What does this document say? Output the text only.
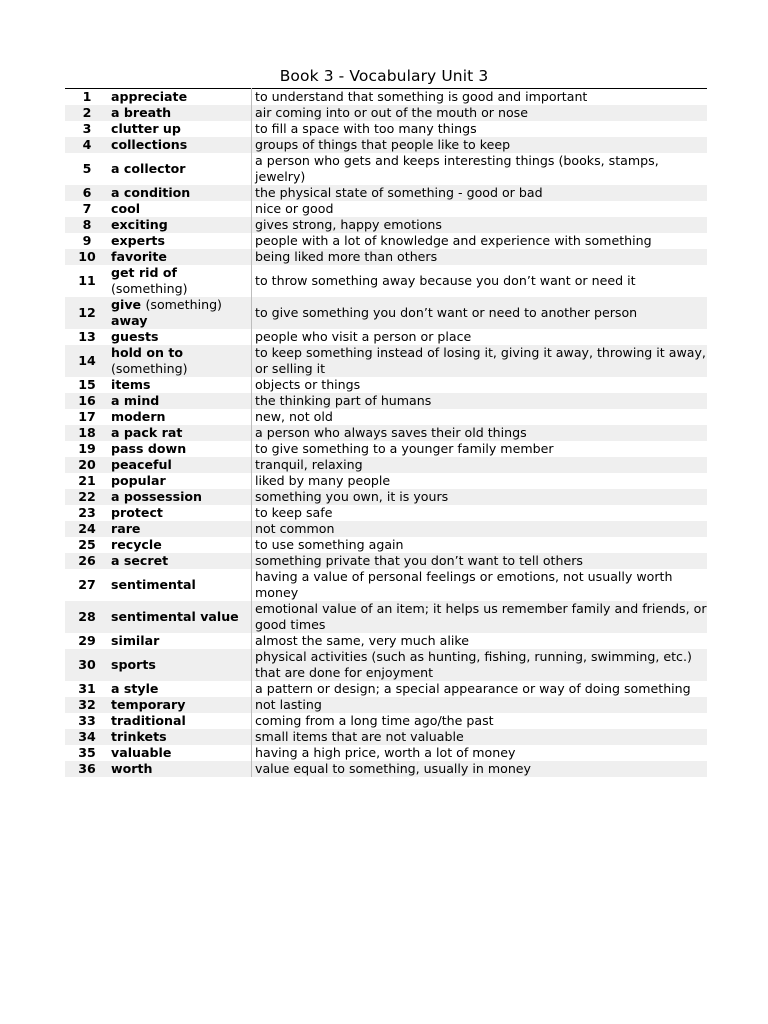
Book 3 - Vocabulary Unit 3
1	appreciate	to understand that something is good and important
2	a breath	air coming into or out of the mouth or nose
3	clutter up	to fill a space with too many things
4	collections	groups of things that people like to keep
5	a collector	a person who gets and keeps interesting things (books, stamps, jewelry)
6	a condition	the physical state of something - good or bad
7	cool	nice or good
8	exciting	gives strong, happy emotions
9	experts	people with a lot of knowledge and experience with something
10	favorite	being liked more than others
11	get rid of (something)	to throw something away because you don’t want or need it
12	give (something) away	to give something you don’t want or need to another person
13	guests	people who visit a person or place
14	hold on to (something)	to keep something instead of losing it, giving it away, throwing it away, or selling it
15	items	objects or things
16	a mind	the thinking part of humans
17	modern	new, not old
18	a pack rat	a person who always saves their old things
19	pass down	to give something to a younger family member
20	peaceful	tranquil, relaxing
21	popular	liked by many people
22	a possession	something you own, it is yours
23	protect	to keep safe
24	rare	not common
25	recycle	to use something again
26	a secret	something private that you don’t want to tell others
27	sentimental	having a value of personal feelings or emotions, not usually worth money
28	sentimental value	emotional value of an item; it helps us remember family and friends, or good times
29	similar	almost the same, very much alike
30	sports	physical activities (such as hunting, fishing, running, swimming, etc.) that are done for enjoyment
31	a style	a pattern or design; a special appearance or way of doing something
32	temporary	not lasting
33	traditional	coming from a long time ago/the past
34	trinkets	small items that are not valuable
35	valuable	having a high price, worth a lot of money
36	worth	value equal to something, usually in money
